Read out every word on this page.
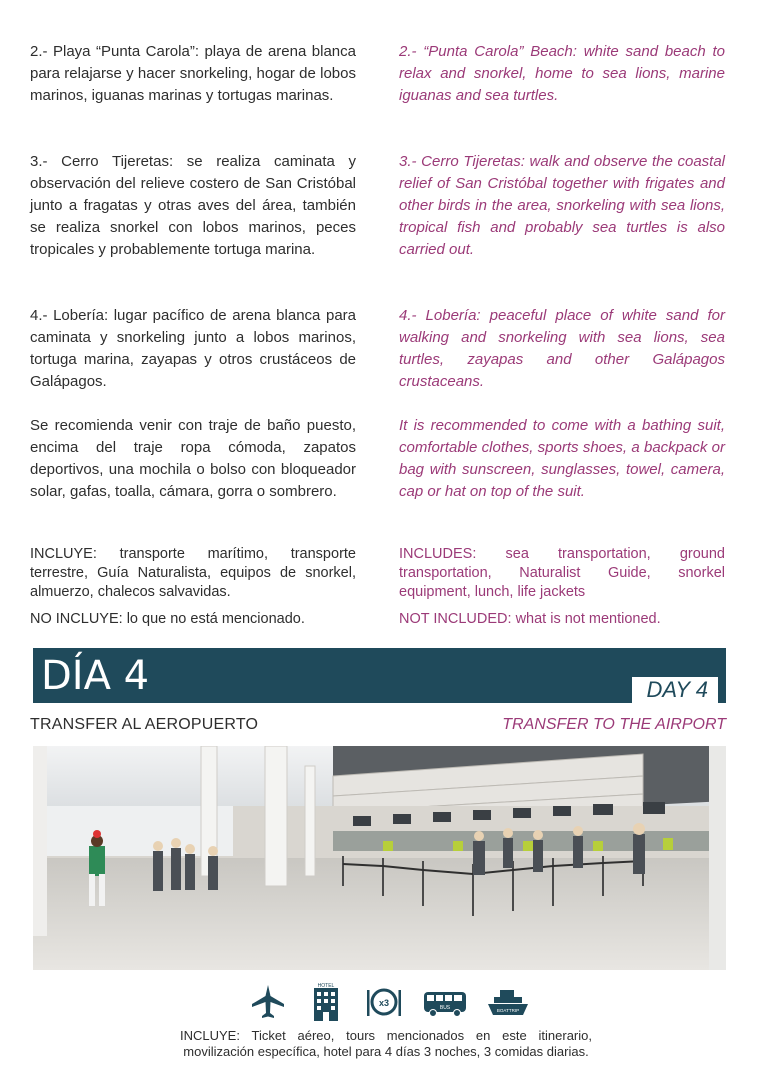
2.- Playa “Punta Carola”: playa de arena blanca para relajarse y hacer snorkeling, hogar de lobos marinos, iguanas marinas y tortugas marinas.

3.- Cerro Tijeretas: se realiza caminata y observación del relieve costero de San Cristóbal junto a fragatas y otras aves del área, también se realiza snorkel con lobos marinos, peces tropicales y probablemente tortuga marina.

4.- Lobería: lugar pacífico de arena blanca para caminata y snorkeling junto a lobos marinos, tortuga marina, zayapas y otros crustáceos de Galápagos.

Se recomienda venir con traje de baño puesto, encima del traje ropa cómoda, zapatos deportivos, una mochila o bolso con bloqueador solar, gafas, toalla, cámara, gorra o sombrero.

INCLUYE: transporte marítimo, transporte terrestre, Guía Naturalista, equipos de snorkel, almuerzo, chalecos salvavidas.

NO INCLUYE: lo que no está mencionado.

2.- “Punta Carola” Beach: white sand beach to relax and snorkel, home to sea lions, marine iguanas and sea turtles.

3.- Cerro Tijeretas: walk and observe the coastal relief of San Cristóbal together with frigates and other birds in the area, snorkeling with sea lions, tropical fish and probably sea turtles is also carried out.

4.- Lobería: peaceful place of white sand for walking and snorkeling with sea lions, sea turtles, zayapas and other Galápagos crustaceans.

It is recommended to come with a bathing suit, comfortable clothes, sports shoes, a backpack or bag with sunscreen, sunglasses, towel, camera, cap or hat on top of the suit.

INCLUDES: sea transportation, ground transportation, Naturalist Guide, snorkel equipment, lunch, life jackets

NOT INCLUDED: what is not mentioned.

DÍA 4	DAY 4
TRANSFER AL AEROPUERTO	TRANSFER TO THE AIRPORT
HOTEL
x3	BUS	BOATTRIP
INCLUYE: Ticket aéreo, tours mencionados en este itinerario, movilización específica, hotel para 4 días 3 noches, 3 comidas diarias.
